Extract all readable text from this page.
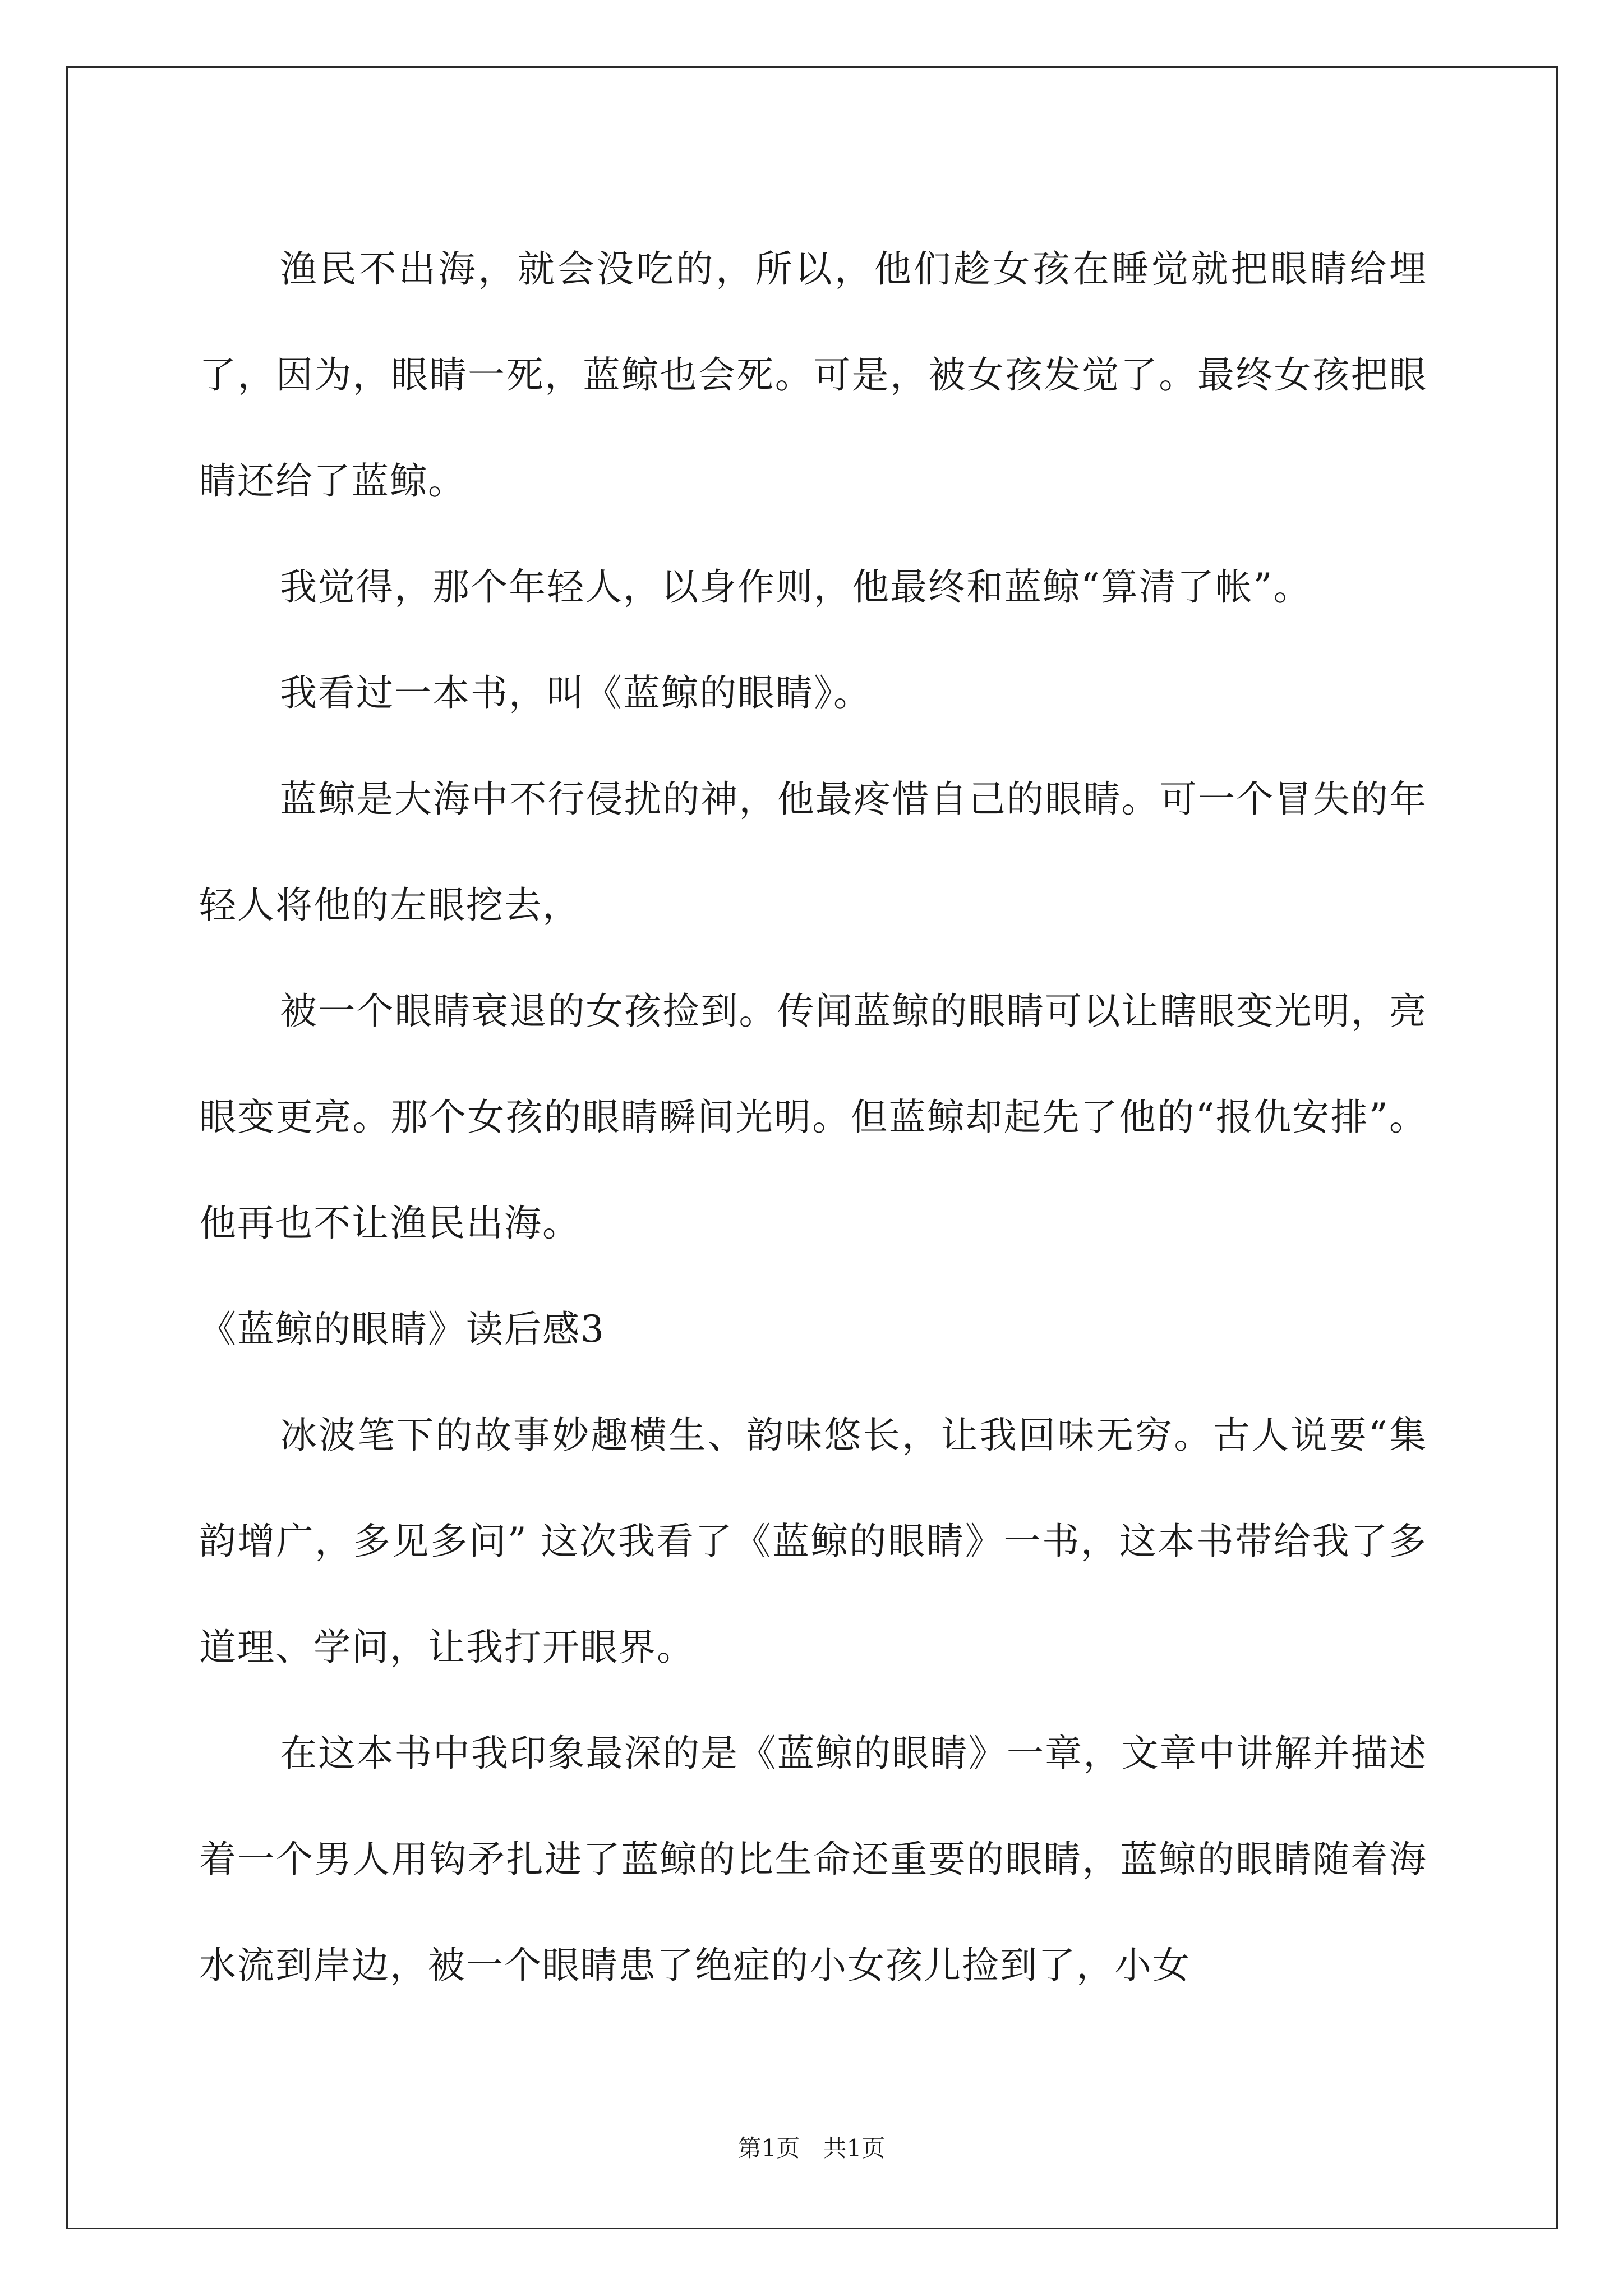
渔民不出海，就会没吃的，所以，他们趁女孩在睡觉就把眼睛给埋了，因为，眼睛一死，蓝鲸也会死。可是，被女孩发觉了。最终女孩把眼睛还给了蓝鲸。

我觉得，那个年轻人，以身作则，他最终和蓝鲸“算清了帐”。

我看过一本书，叫《蓝鲸的眼睛》。

蓝鲸是大海中不行侵扰的神，他最疼惜自己的眼睛。可一个冒失的年轻人将他的左眼挖去，

被一个眼睛衰退的女孩捡到。传闻蓝鲸的眼睛可以让瞎眼变光明，亮眼变更亮。那个女孩的眼睛瞬间光明。但蓝鲸却起先了他的“报仇安排”。他再也不让渔民出海。

《蓝鲸的眼睛》读后感3

冰波笔下的故事妙趣横生、韵味悠长，让我回味无穷。古人说要“集韵增广，多见多问” 这次我看了《蓝鲸的眼睛》一书，这本书带给我了多道理、学问，让我打开眼界。

在这本书中我印象最深的是《蓝鲸的眼睛》一章，文章中讲解并描述着一个男人用钩矛扎进了蓝鲸的比生命还重要的眼睛，蓝鲸的眼睛随着海水流到岸边，被一个眼睛患了绝症的小女孩儿捡到了，小女

第1页 共1页
